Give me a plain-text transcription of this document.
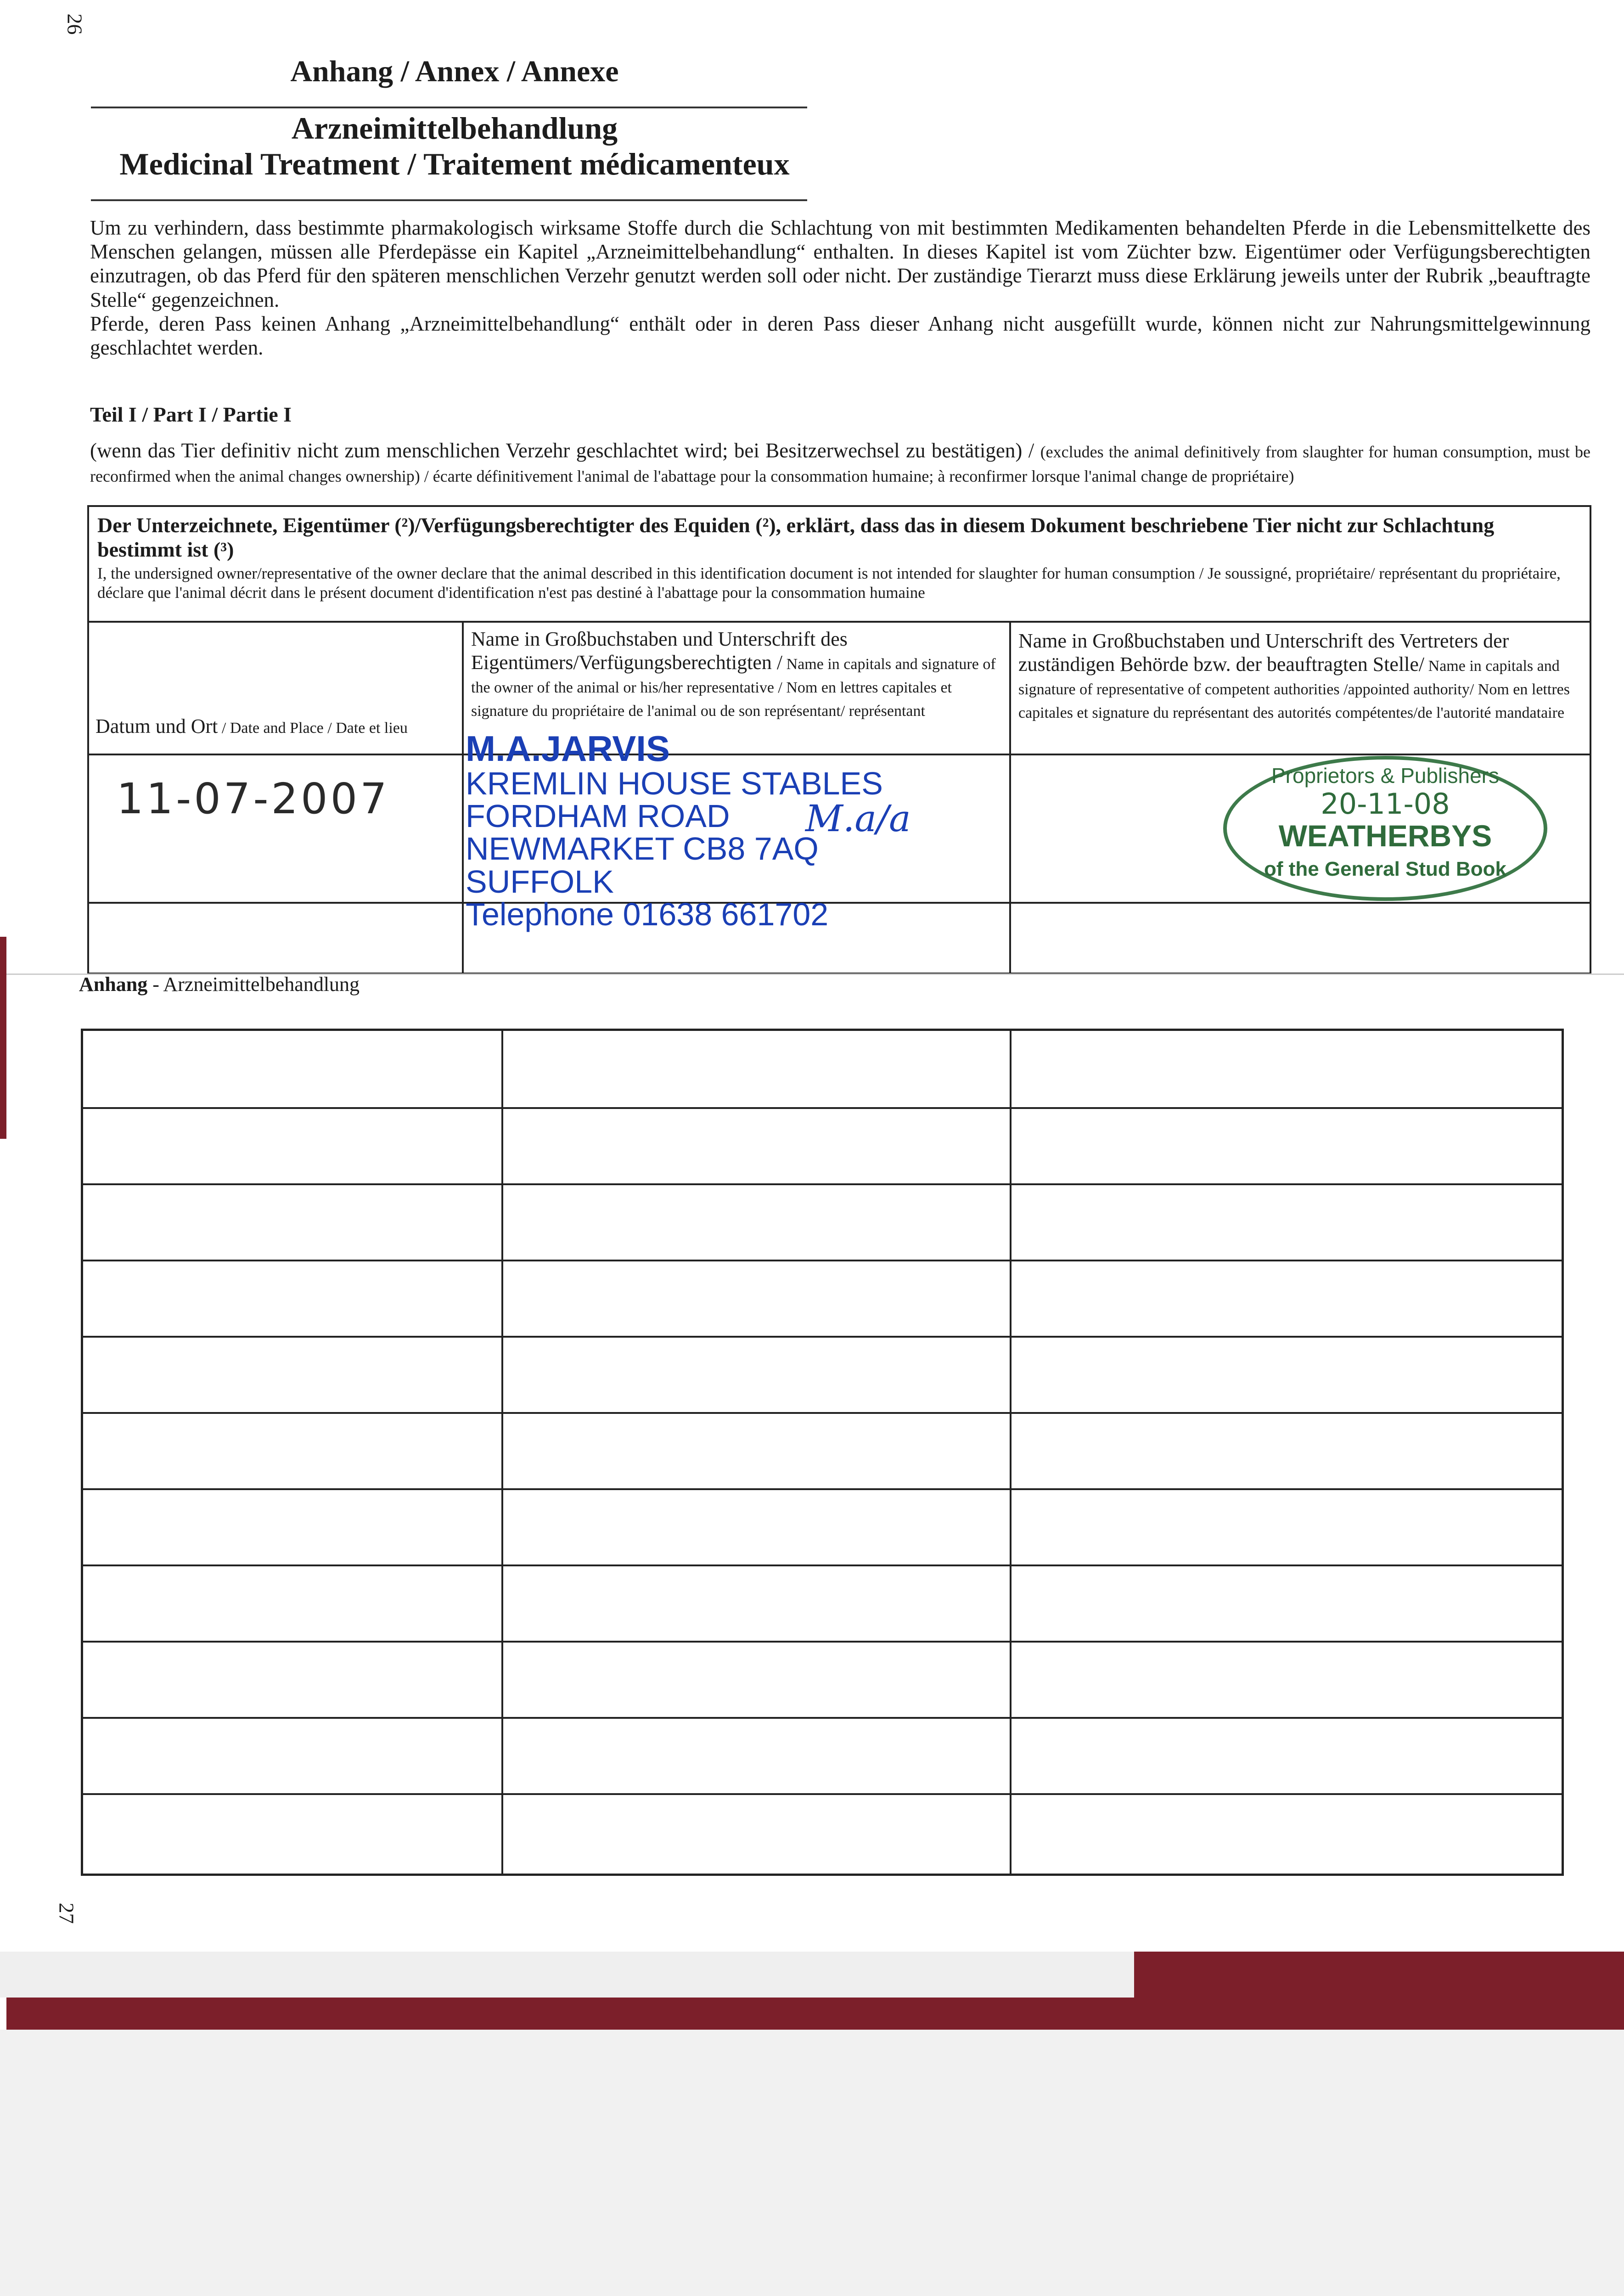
26
Anhang / Annex / Annexe
Arzneimittelbehandlung
Medicinal Treatment / Traitement médicamenteux

Um zu verhindern, dass bestimmte pharmakologisch wirksame Stoffe durch die Schlachtung von mit bestimmten Medikamenten behandelten Pferde in die Lebensmittelkette des Menschen gelangen, müssen alle Pferdepässe ein Kapitel „Arzneimittelbehandlung“ enthalten. In dieses Kapitel ist vom Züchter bzw. Eigentümer oder Verfügungsberechtigten einzutragen, ob das Pferd für den späteren menschlichen Verzehr genutzt werden soll oder nicht. Der zuständige Tierarzt muss diese Erklärung jeweils unter der Rubrik „beauftragte Stelle“ gegenzeichnen.

Pferde, deren Pass keinen Anhang „Arzneimittelbehandlung“ enthält oder in deren Pass dieser Anhang nicht ausgefüllt wurde, können nicht zur Nahrungsmittelgewinnung geschlachtet werden.

Teil I / Part I / Partie I
(wenn das Tier definitiv nicht zum menschlichen Verzehr geschlachtet wird; bei Besitzerwechsel zu bestätigen) / (excludes the animal definitively from slaughter for human consumption, must be reconfirmed when the animal changes ownership) / écarte définitivement l'animal de l'abattage pour la consommation humaine; à reconfirmer lorsque l'animal change de propriétaire)
Der Unterzeichnete, Eigentümer (²)/Verfügungsberechtigter des Equiden (²), erklärt, dass das in diesem Dokument beschriebene Tier nicht zur Schlachtung bestimmt ist (³)
I, the undersigned owner/representative of the owner declare that the animal described in this identification document is not intended for slaughter for human consumption / Je soussigné, propriétaire/ représentant du propriétaire, déclare que l'animal décrit dans le présent document d'identification n'est pas destiné à l'abattage pour la consommation humaine
Datum und Ort / Date and Place / Date et lieu
Name in Großbuchstaben und Unterschrift des Eigentümers/Verfügungsberechtigten / Name in capitals and signature of the owner of the animal or his/her representative / Nom en lettres capitales et signature du propriétaire de l'animal ou de son représentant/ représentant
Name in Großbuchstaben und Unterschrift des Vertreters der zuständigen Behörde bzw. der beauftragten Stelle/ Name in capitals and signature of representative of competent authorities /appointed authority/ Nom en lettres capitales et signature du représentant des autorités compétentes/de l'autorité mandataire
11-07-2007
M.A.JARVIS
KREMLIN HOUSE STABLES
FORDHAM ROAD
NEWMARKET CB8 7AQ
SUFFOLK
Telephone 01638 661702
M.a/a
Proprietors & Publishers
20-11-08
WEATHERBYS
of the General Stud Book
Anhang - Arzneimittelbehandlung
27
